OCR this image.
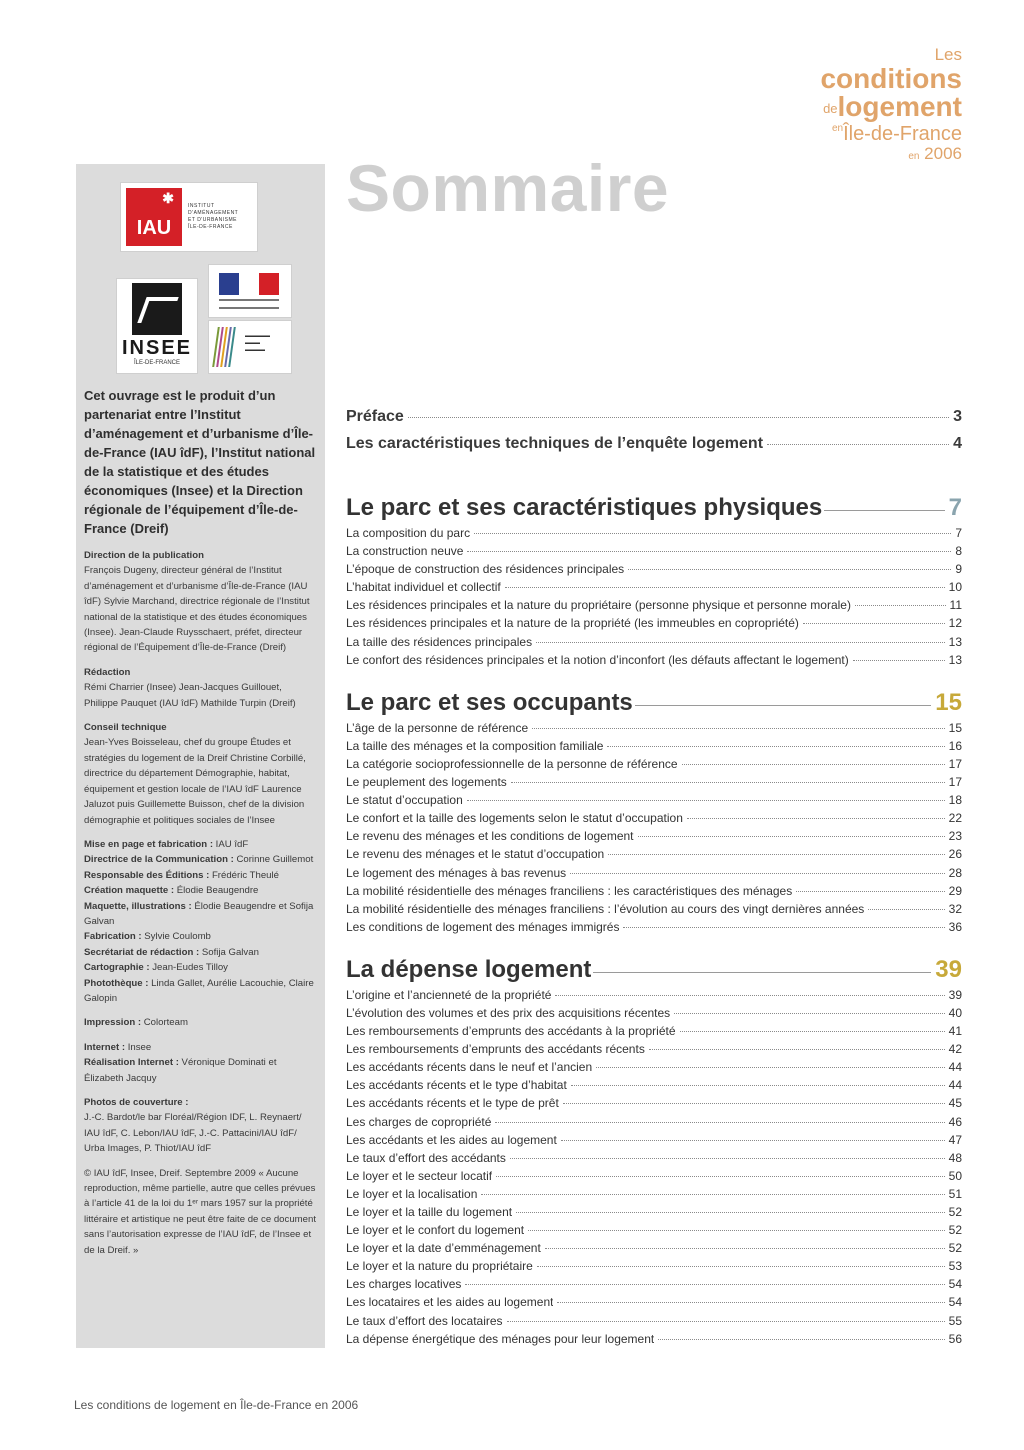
Les
conditions
delogement
$^{en}$Île-de-France
en 2006
✱ IAU
INSTITUT
D'AMÉNAGEMENT
ET D'URBANISME
ÎLE-DE-FRANCE
INSEE
ÎLE-DE-FRANCE
▬▬▬▬▬
▬▬▬
▬▬▬▬

Cet ouvrage est le produit d’un partenariat entre l’Institut d’aménagement et d’urbanisme d’Île-de-France (IAU îdF), l’Institut national de la statistique et des études économiques (Insee) et la Direction régionale de l’équipement d’Île-de-France (Dreif)

Direction de la publication
François Dugeny, directeur général de l’Institut d’aménagement et d’urbanisme d’Île-de-France (IAU îdF) Sylvie Marchand, directrice régionale de l’Institut national de la statistique et des études économiques (Insee). Jean-Claude Ruysschaert, préfet, directeur régional de l’Équipement d’Île-de-France (Dreif)
Rédaction
Rémi Charrier (Insee) Jean-Jacques Guillouet, Philippe Pauquet (IAU îdF) Mathilde Turpin (Dreif)
Conseil technique
Jean-Yves Boisseleau, chef du groupe Études et stratégies du logement de la Dreif Christine Corbillé, directrice du département Démographie, habitat, équipement et gestion locale de l’IAU îdF Laurence Jaluzot puis Guillemette Buisson, chef de la division démographie et politiques sociales de l’Insee
Mise en page et fabrication : IAU îdF
Directrice de la Communication : Corinne Guillemot
Responsable des Éditions : Frédéric Theulé
Création maquette : Élodie Beaugendre
Maquette, illustrations : Élodie Beaugendre et Sofija Galvan
Fabrication : Sylvie Coulomb
Secrétariat de rédaction : Sofija Galvan
Cartographie : Jean-Eudes Tilloy
Photothèque : Linda Gallet, Aurélie Lacouchie, Claire Galopin
Impression : Colorteam
Internet : Insee
Réalisation Internet : Véronique Dominati et Élizabeth Jacquy
Photos de couverture :
J.-C. Bardot/le bar Floréal/Région IDF, L. Reynaert/ IAU îdF, C. Lebon/IAU îdF, J.-C. Pattacini/IAU îdF/ Urba Images, P. Thiot/IAU îdF
© IAU îdF, Insee, Dreif. Septembre 2009 « Aucune reproduction, même partielle, autre que celles prévues à l’article 41 de la loi du 1ᵉʳ mars 1957 sur la propriété littéraire et artistique ne peut être faite de ce document sans l’autorisation expresse de l’IAU îdF, de l’Insee et de la Dreif. »
Sommaire
Préface	3
Les caractéristiques techniques de l’enquête logement	4
Le parc et ses caractéristiques physiques	7
La composition du parc	7
La construction neuve	8
L’époque de construction des résidences principales	9
L’habitat individuel et collectif	10
Les résidences principales et la nature du propriétaire (personne physique et personne morale)	11
Les résidences principales et la nature de la propriété (les immeubles en copropriété)	12
La taille des résidences principales	13
Le confort des résidences principales et la notion d’inconfort (les défauts affectant le logement)	13
Le parc et ses occupants	15
L’âge de la personne de référence	15
La taille des ménages et la composition familiale	16
La catégorie socioprofessionnelle de la personne de référence	17
Le peuplement des logements	17
Le statut d’occupation	18
Le confort et la taille des logements selon le statut d’occupation	22
Le revenu des ménages et les conditions de logement	23
Le revenu des ménages et le statut d’occupation	26
Le logement des ménages à bas revenus	28
La mobilité résidentielle des ménages franciliens : les caractéristiques des ménages	29
La mobilité résidentielle des ménages franciliens : l’évolution au cours des vingt dernières années	32
Les conditions de logement des ménages immigrés	36
La dépense logement	39
L’origine et l’ancienneté de la propriété	39
L’évolution des volumes et des prix des acquisitions récentes	40
Les remboursements d’emprunts des accédants à la propriété	41
Les remboursements d’emprunts des accédants récents	42
Les accédants récents dans le neuf et l’ancien	44
Les accédants récents et le type d’habitat	44
Les accédants récents et le type de prêt	45
Les charges de copropriété	46
Les accédants et les aides au logement	47
Le taux d’effort des accédants	48
Le loyer et le secteur locatif	50
Le loyer et la localisation	51
Le loyer et la taille du logement	52
Le loyer et le confort du logement	52
Le loyer et la date d’emménagement	52
Le loyer et la nature du propriétaire	53
Les charges locatives	54
Les locataires et les aides au logement	54
Le taux d’effort des locataires	55
La dépense énergétique des ménages pour leur logement	56
Les conditions de logement en Île-de-France en 2006
